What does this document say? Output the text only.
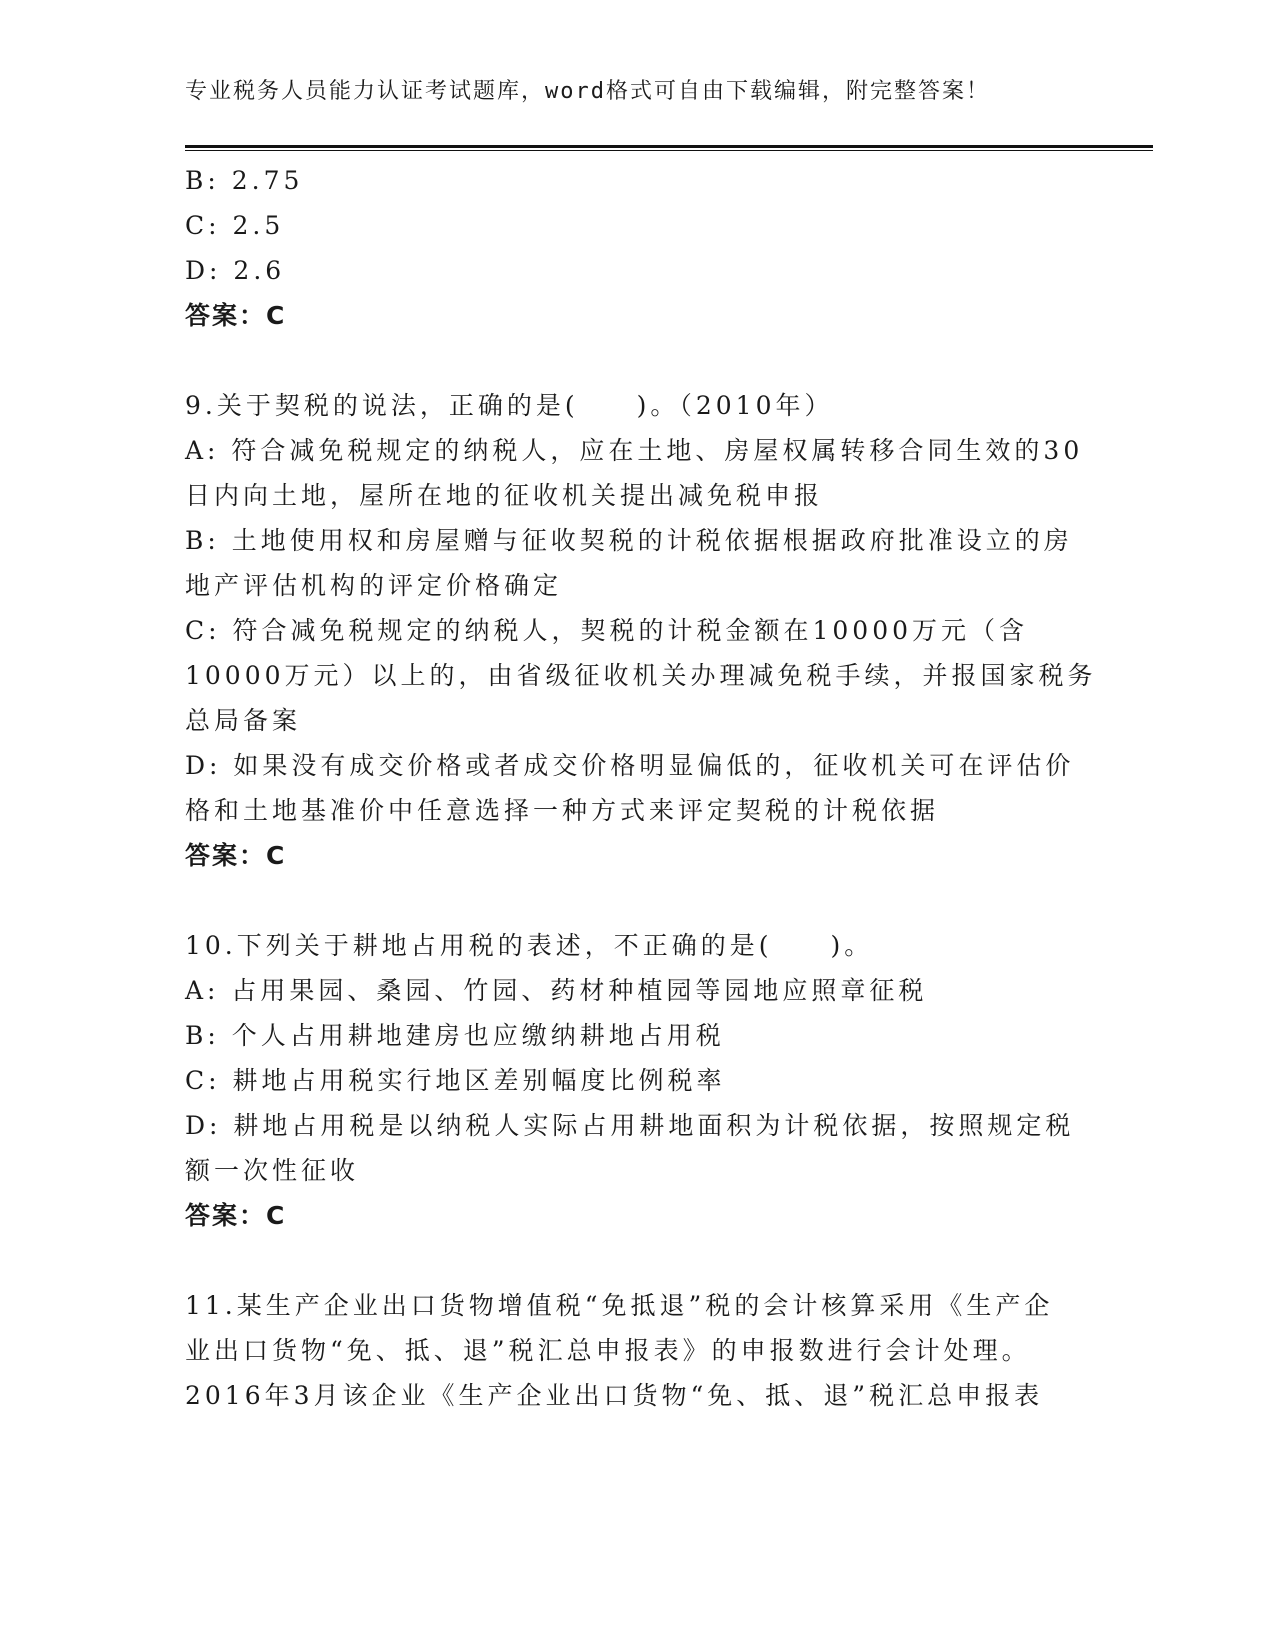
专业税务人员能力认证考试题库，word格式可自由下载编辑，附完整答案！
B: 2.75
C: 2.5
D: 2.6
答案：C
9.关于契税的说法，正确的是(　　)。（2010年）
A: 符合减免税规定的纳税人，应在土地、房屋权属转移合同生效的30
日内向土地，屋所在地的征收机关提出减免税申报
B: 土地使用权和房屋赠与征收契税的计税依据根据政府批准设立的房
地产评估机构的评定价格确定
C: 符合减免税规定的纳税人，契税的计税金额在10000万元（含
10000万元）以上的，由省级征收机关办理减免税手续，并报国家税务
总局备案
D: 如果没有成交价格或者成交价格明显偏低的，征收机关可在评估价
格和土地基准价中任意选择一种方式来评定契税的计税依据
答案：C
10.下列关于耕地占用税的表述，不正确的是(　　)。
A: 占用果园、桑园、竹园、药材种植园等园地应照章征税
B: 个人占用耕地建房也应缴纳耕地占用税
C: 耕地占用税实行地区差别幅度比例税率
D: 耕地占用税是以纳税人实际占用耕地面积为计税依据，按照规定税
额一次性征收
答案：C
11.某生产企业出口货物增值税“免抵退”税的会计核算采用《生产企
业出口货物“免、抵、退”税汇总申报表》的申报数进行会计处理。
2016年3月该企业《生产企业出口货物“免、抵、退”税汇总申报表
